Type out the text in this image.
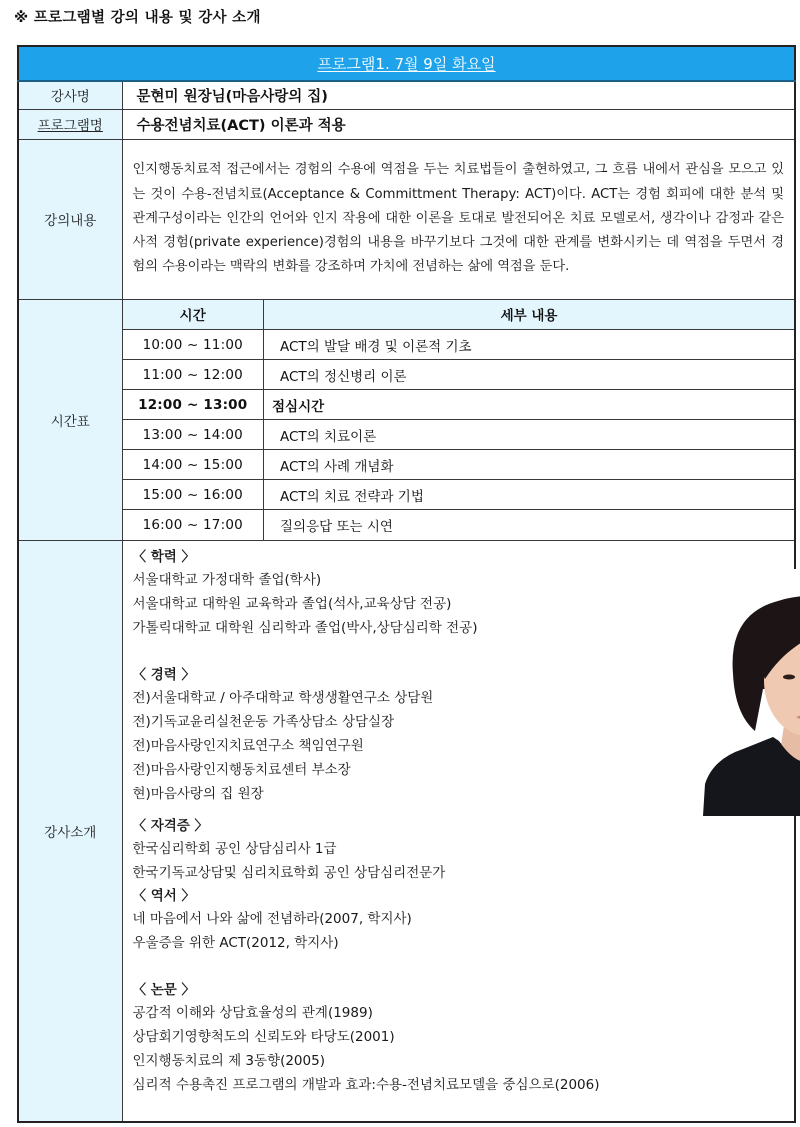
※ 프로그램별 강의 내용 및 강사 소개
프로그램1. 7월 9일 화요일
강사명	문현미 원장님(마음사랑의 집)
프로그램명	수용전념치료(ACT) 이론과 적용
강의내용	인지행동치료적 접근에서는 경험의 수용에 역점을 두는 치료법들이 출현하였고, 그 흐름 내에서 관심을 모으고 있는 것이 수용-전념치료(Acceptance & Committment Therapy: ACT)이다. ACT는 경험 회피에 대한 분석 및 관계구성이라는 인간의 언어와 인지 작용에 대한 이론을 토대로 발전되어온 치료 모델로서, 생각이나 감정과 같은 사적 경험(private experience)경험의 내용을 바꾸기보다 그것에 대한 관계를 변화시키는 데 역점을 두면서 경험의 수용이라는 맥락의 변화를 강조하며 가치에 전념하는 삶에 역점을 둔다.
시간표	
시간	세부 내용
10:00 ~ 11:00	ACT의 발달 배경 및 이론적 기초
11:00 ~ 12:00	ACT의 정신병리 이론
12:00 ~ 13:00	점심시간
13:00 ~ 14:00	ACT의 치료이론
14:00 ~ 15:00	ACT의 사례 개념화
15:00 ~ 16:00	ACT의 치료 전략과 기법
16:00 ~ 17:00	질의응답 또는 시연

강사소개	
〈 학력 〉
서울대학교 가정대학 졸업(학사)
서울대학교 대학원 교육학과 졸업(석사,교육상담 전공)
가톨릭대학교 대학원 심리학과 졸업(박사,상담심리학 전공)
〈 경력 〉
전)서울대학교 / 아주대학교 학생생활연구소 상담원
전)기독교윤리실천운동 가족상담소 상담실장
전)마음사랑인지치료연구소 책임연구원
전)마음사랑인지행동치료센터 부소장
현)마음사랑의 집 원장
〈 자격증 〉
한국심리학회 공인 상담심리사 1급
한국기독교상담및 심리치료학회 공인 상담심리전문가
〈 역서 〉
네 마음에서 나와 삶에 전념하라(2007, 학지사)
우울증을 위한 ACT(2012, 학지사)
〈 논문 〉
공감적 이해와 상담효율성의 관계(1989)
상담회기영향척도의 신뢰도와 타당도(2001)
인지행동치료의 제 3동향(2005)
심리적 수용촉진 프로그램의 개발과 효과:수용-전념치료모델을 중심으로(2006)
